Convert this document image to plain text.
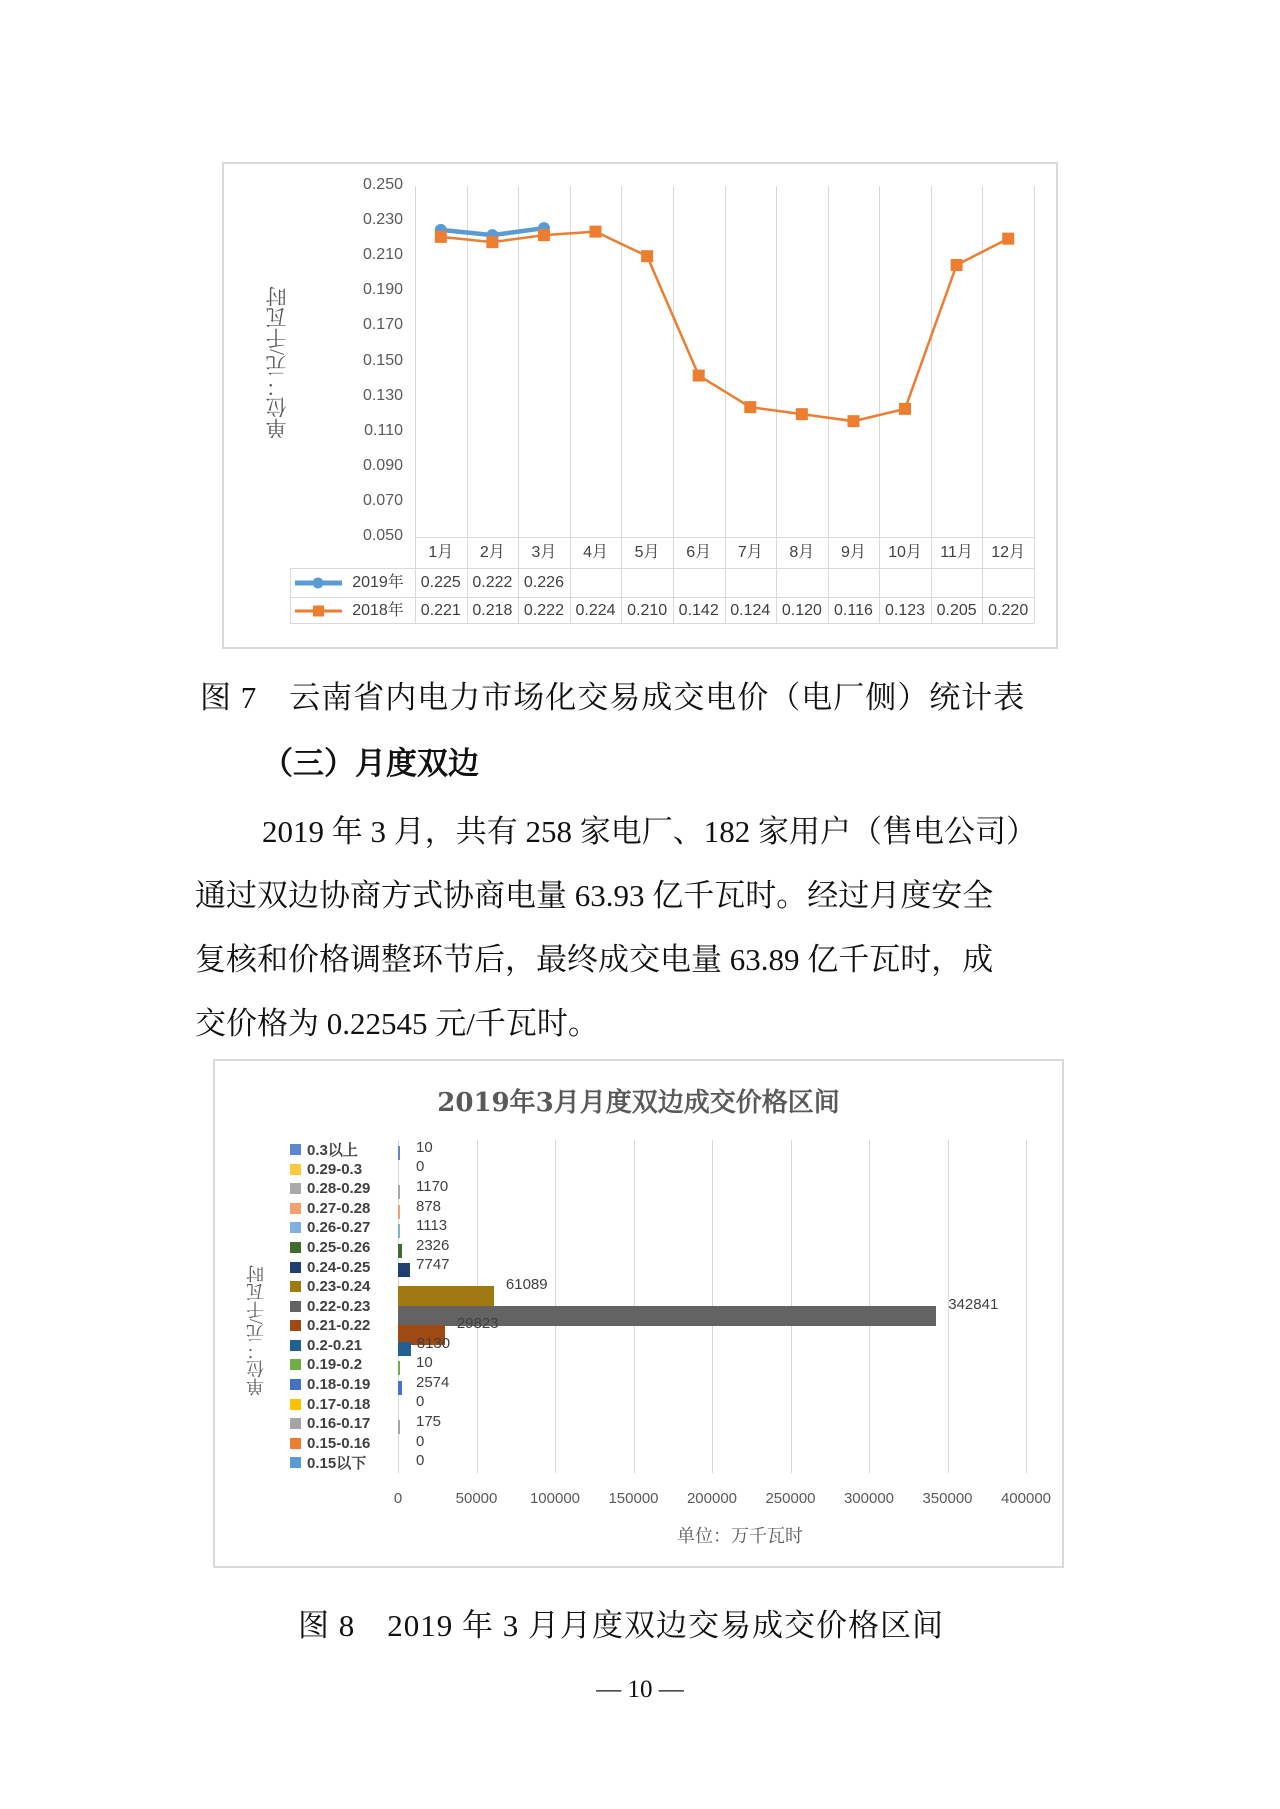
单位：元/千瓦时
0.250
0.230
0.210
0.190
0.170
0.150
0.130
0.110
0.090
0.070
0.050
1月	2月	3月	4月	5月	6月	7月	8月	9月	10月	11月	12月
2019年	0.225 0.222 0.226
2018年	0.221 0.218 0.222 0.224 0.210 0.142 0.124 0.120 0.116 0.123 0.205 0.220
图 7　云南省内电力市场化交易成交电价（电厂侧）统计表
（三）月度双边
2019 年 3 月，共有 258 家电厂、182 家用户（售电公司）
通过双边协商方式协商电量 63.93 亿千瓦时。经过月度安全
复核和价格调整环节后，最终成交电量 63.89 亿千瓦时，成
交价格为 0.22545 元/千瓦时。
2019年3月月度双边成交价格区间
单位：元/千瓦时
0.3以上
0.29-0.3
0.28-0.29
0.27-0.28
0.26-0.27
0.25-0.26
0.24-0.25
0.23-0.24
0.22-0.23
0.21-0.22
0.2-0.21
0.19-0.2
0.18-0.19
0.17-0.18
0.16-0.17
0.15-0.16
0.15以下
10
0
1170
878
1113
2326
7747
61089
342841
29823
8130
10
2574
0
175
0
0
0	50000 100000 150000 200000 250000 300000 350000 400000
单位：万千瓦时
图 8　2019 年 3 月月度双边交易成交价格区间
— 10 —
